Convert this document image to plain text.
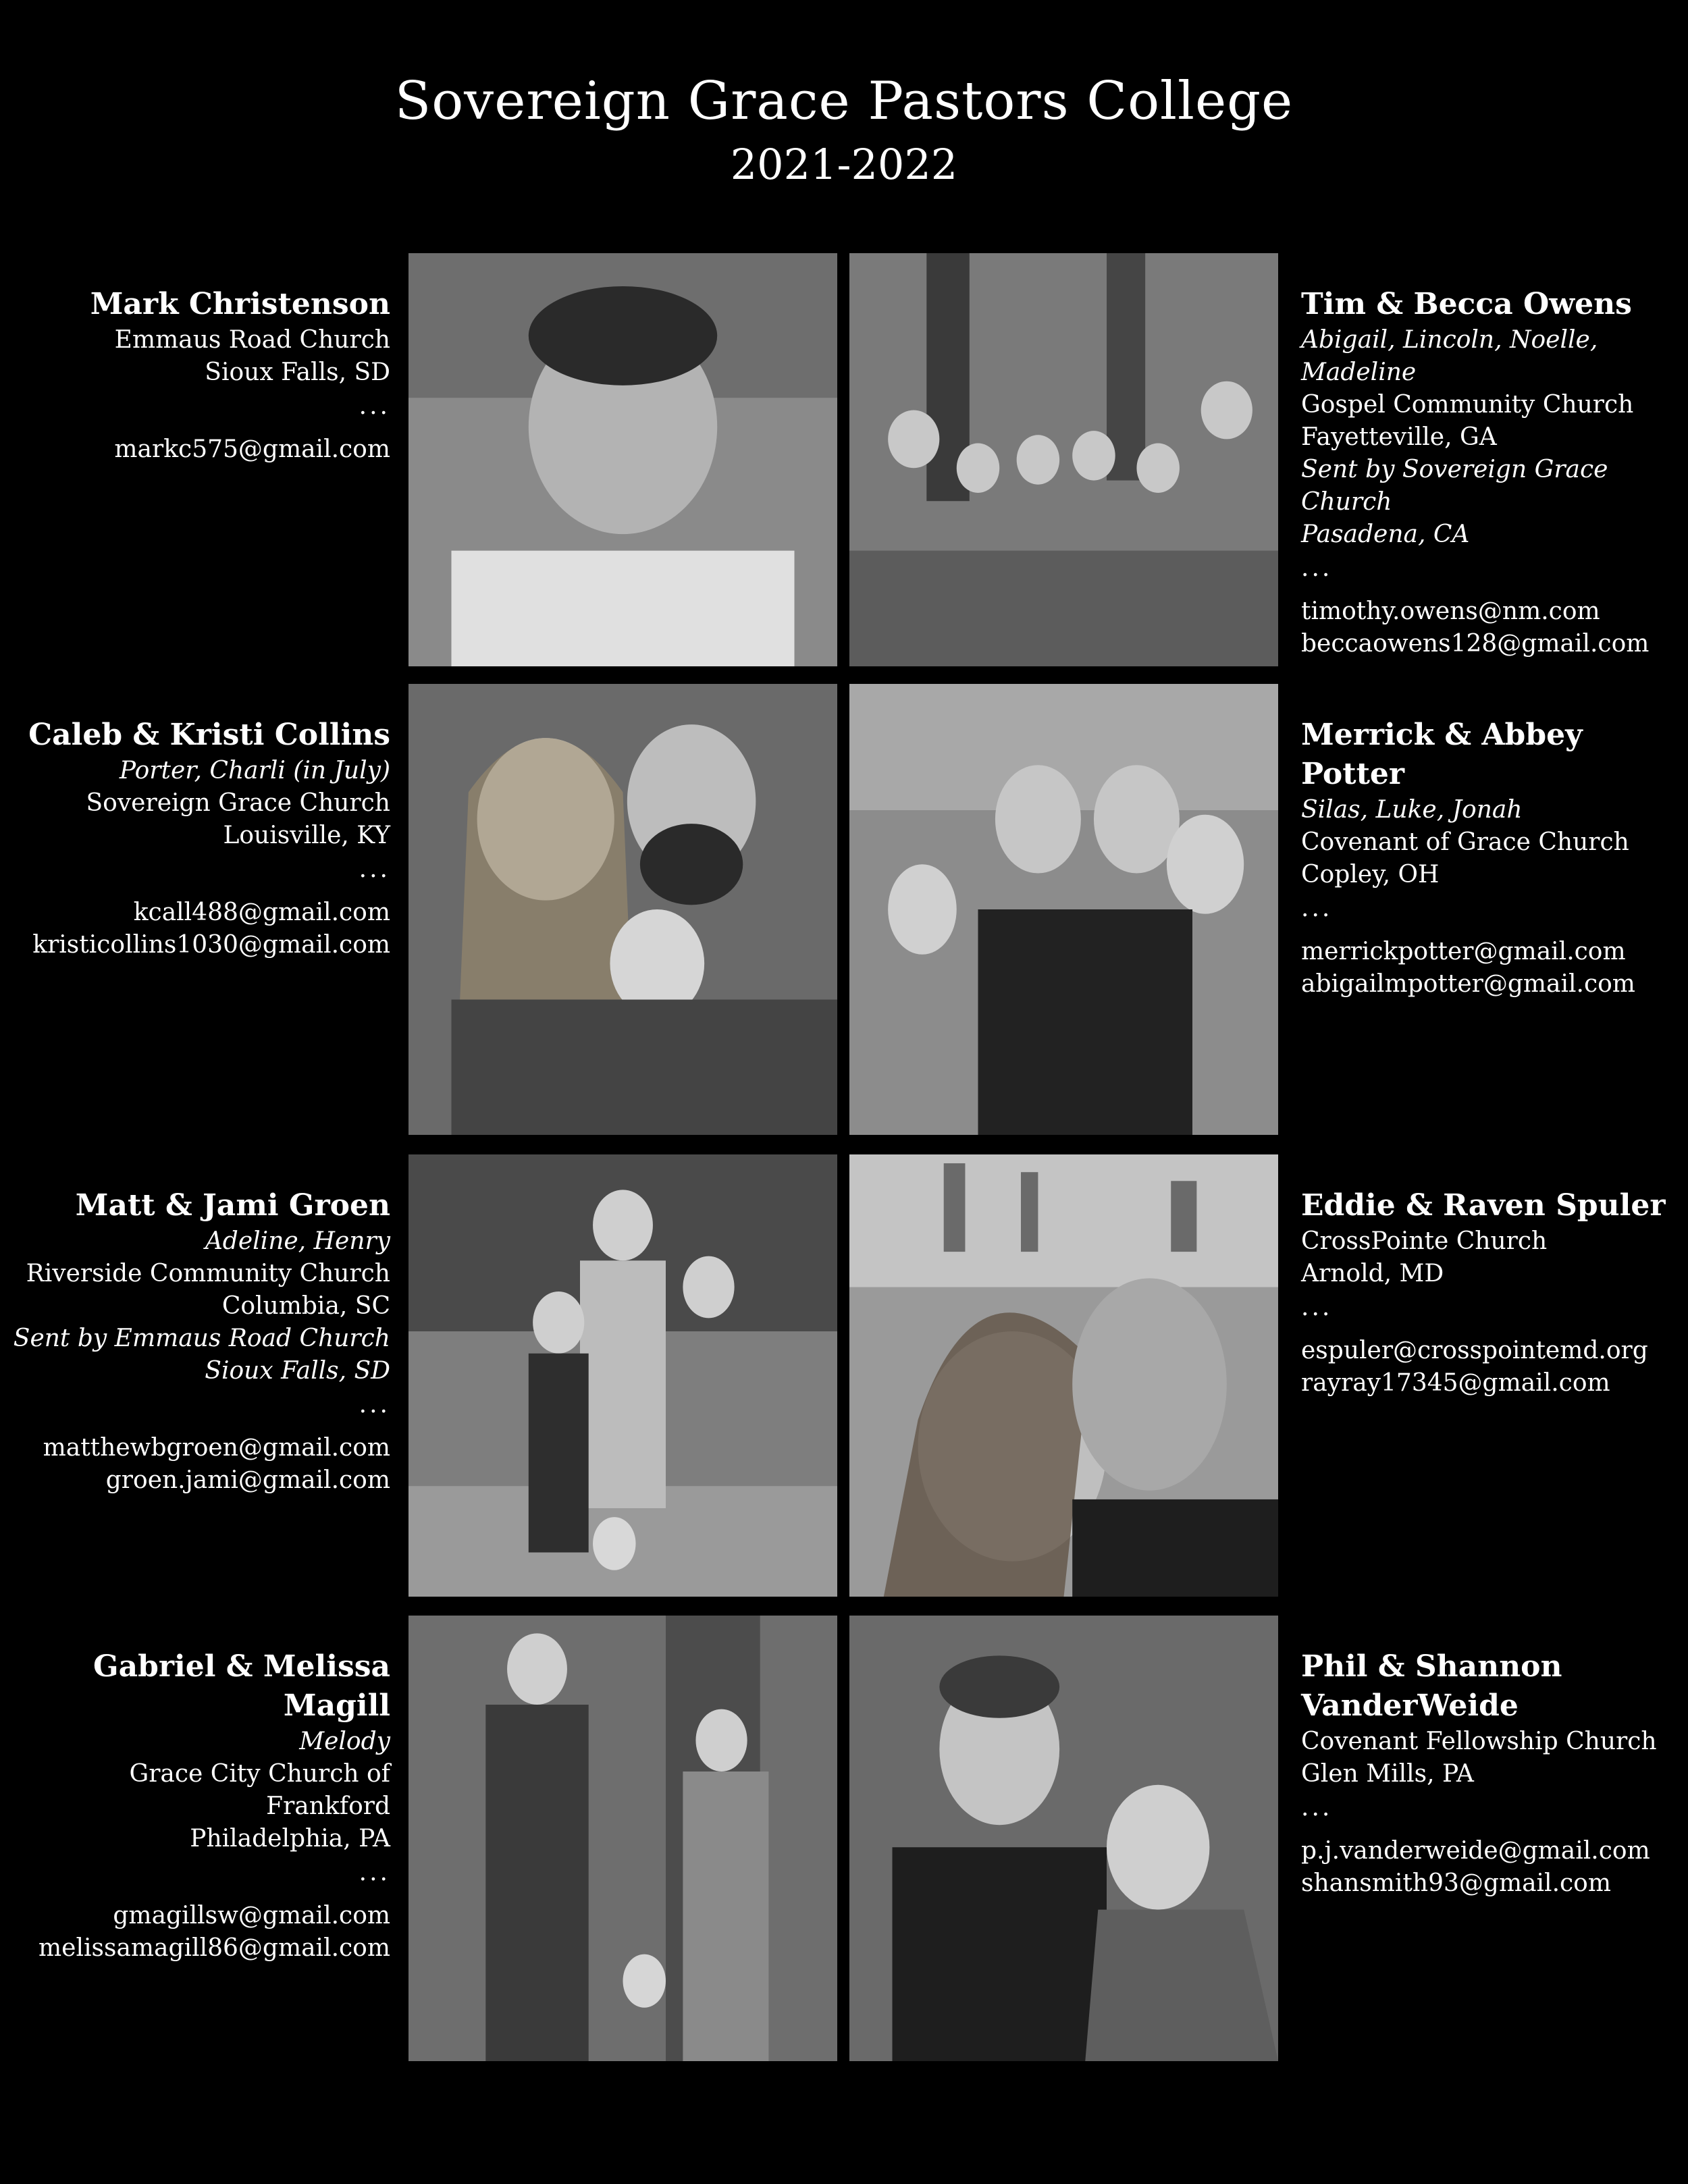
Sovereign Grace Pastors College
2021-2022
Mark Christenson
Emmaus Road Church
Sioux Falls, SD
...
markc575@gmail.com
Tim & Becca Owens
Abigail, Lincoln, Noelle, Madeline
Gospel Community Church
Fayetteville, GA
Sent by Sovereign Grace Church
Pasadena, CA
...
timothy.owens@nm.com
beccaowens128@gmail.com
Caleb & Kristi Collins
Porter, Charli (in July)
Sovereign Grace Church
Louisville, KY
...
kcall488@gmail.com
kristicollins1030@gmail.com
Merrick & Abbey Potter
Silas, Luke, Jonah
Covenant of Grace Church
Copley, OH
...
merrickpotter@gmail.com
abigailmpotter@gmail.com
Matt & Jami Groen
Adeline, Henry
Riverside Community Church
Columbia, SC
Sent by Emmaus Road Church
Sioux Falls, SD
...
matthewbgroen@gmail.com
groen.jami@gmail.com
Eddie & Raven Spuler
CrossPointe Church
Arnold, MD
...
espuler@crosspointemd.org
rayray17345@gmail.com
Gabriel & Melissa Magill
Melody
Grace City Church of Frankford
Philadelphia, PA
...
gmagillsw@gmail.com
melissamagill86@gmail.com
Phil & Shannon VanderWeide
Covenant Fellowship Church
Glen Mills, PA
...
p.j.vanderweide@gmail.com
shansmith93@gmail.com
